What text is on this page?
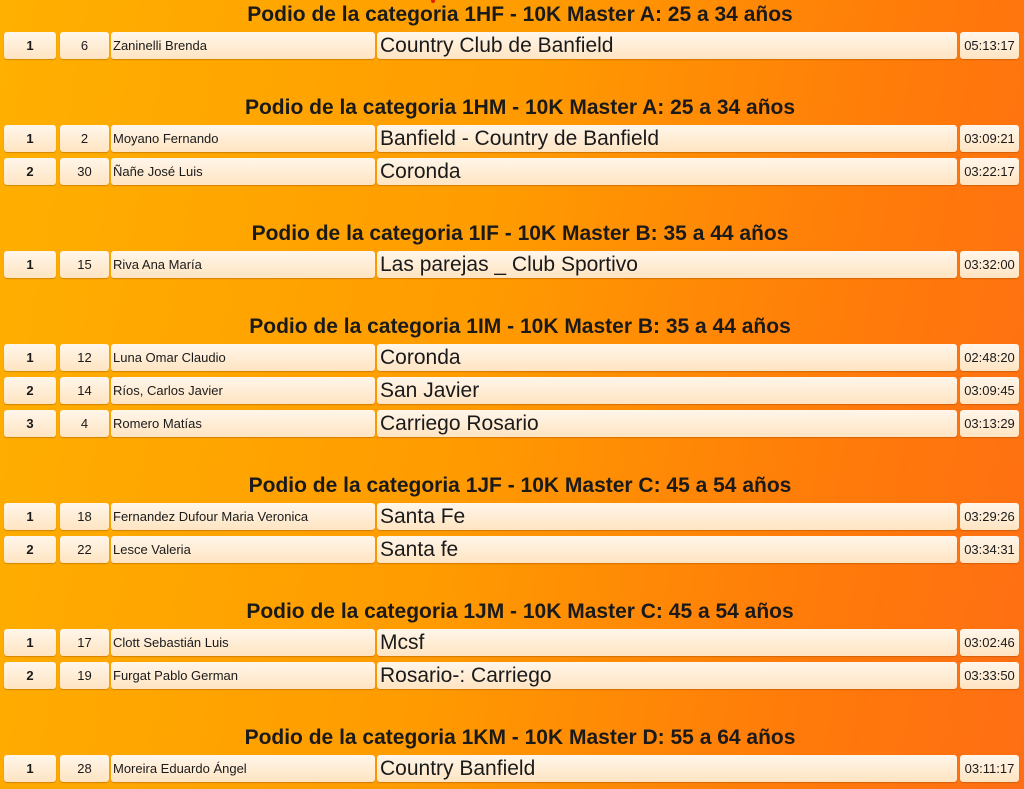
Podio de la categoria 1HF - 10K Master A: 25 a 34 años
1	6	Zaninelli Brenda	Country Club de Banfield	05:13:17
Podio de la categoria 1HM - 10K Master A: 25 a 34 años
1	2	Moyano Fernando	Banfield - Country de Banfield	03:09:21
2	30	Ñañe José Luis	Coronda	03:22:17
Podio de la categoria 1IF - 10K Master B: 35 a 44 años
1	15	Riva Ana María	Las parejas _ Club Sportivo	03:32:00
Podio de la categoria 1IM - 10K Master B: 35 a 44 años
1	12	Luna Omar Claudio	Coronda	02:48:20
2	14	Ríos, Carlos Javier	San Javier	03:09:45
3	4	Romero Matías	Carriego Rosario	03:13:29
Podio de la categoria 1JF - 10K Master C: 45 a 54 años
1	18	Fernandez Dufour Maria Veronica	Santa Fe	03:29:26
2	22	Lesce Valeria	Santa fe	03:34:31
Podio de la categoria 1JM - 10K Master C: 45 a 54 años
1	17	Clott Sebastián Luis	Mcsf	03:02:46
2	19	Furgat Pablo German	Rosario-: Carriego	03:33:50
Podio de la categoria 1KM - 10K Master D: 55 a 64 años
1	28	Moreira Eduardo Ángel	Country Banfield	03:11:17
